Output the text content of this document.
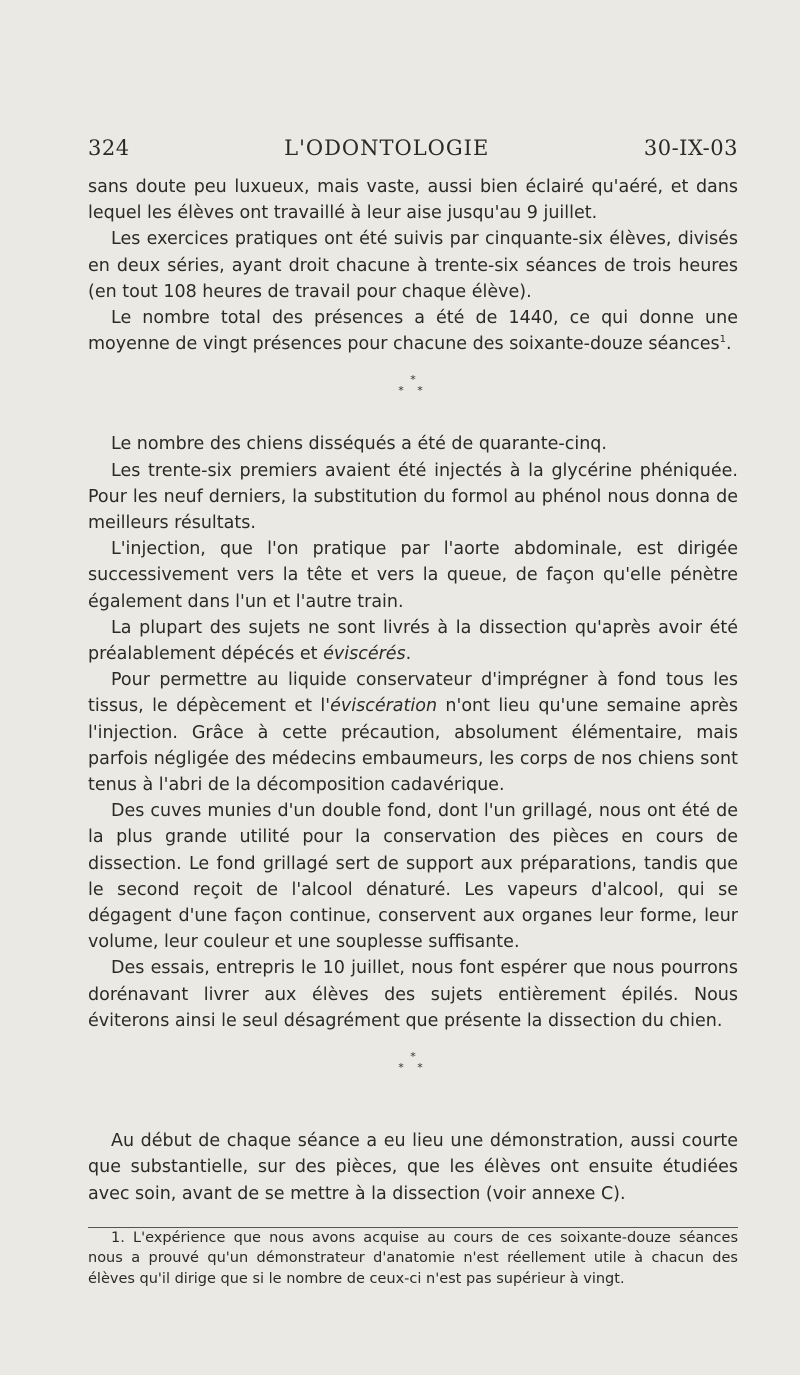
324	L'ODONTOLOGIE	30-IX-03

sans doute peu luxueux, mais vaste, aussi bien éclairé qu'aéré, et dans lequel les élèves ont travaillé à leur aise jusqu'au 9 juillet.

Les exercices pratiques ont été suivis par cinquante-six élèves, divisés en deux séries, ayant droit chacune à trente-six séances de trois heures (en tout 108 heures de travail pour chaque élève).

Le nombre total des présences a été de 1440, ce qui donne une moyenne de vingt présences pour chacune des soixante-douze séances$^1$.

*
* *

Le nombre des chiens disséqués a été de quarante-cinq.

Les trente-six premiers avaient été injectés à la glycérine phéniquée. Pour les neuf derniers, la substitution du formol au phénol nous donna de meilleurs résultats.

L'injection, que l'on pratique par l'aorte abdominale, est dirigée successivement vers la tête et vers la queue, de façon qu'elle pénètre également dans l'un et l'autre train.

La plupart des sujets ne sont livrés à la dissection qu'après avoir été préalablement dépécés et éviscérés.

Pour permettre au liquide conservateur d'imprégner à fond tous les tissus, le dépècement et l'éviscération n'ont lieu qu'une semaine après l'injection. Grâce à cette précaution, absolument élémentaire, mais parfois négligée des médecins embaumeurs, les corps de nos chiens sont tenus à l'abri de la décomposition cadavérique.

Des cuves munies d'un double fond, dont l'un grillagé, nous ont été de la plus grande utilité pour la conservation des pièces en cours de dissection. Le fond grillagé sert de support aux préparations, tandis que le second reçoit de l'alcool dénaturé. Les vapeurs d'alcool, qui se dégagent d'une façon continue, conservent aux organes leur forme, leur volume, leur couleur et une souplesse suffisante.

Des essais, entrepris le 10 juillet, nous font espérer que nous pourrons dorénavant livrer aux élèves des sujets entièrement épilés. Nous éviterons ainsi le seul désagrément que présente la dissection du chien.

*
* *

Au début de chaque séance a eu lieu une démonstration, aussi courte que substantielle, sur des pièces, que les élèves ont ensuite étudiées avec soin, avant de se mettre à la dissection (voir annexe C).

1. L'expérience que nous avons acquise au cours de ces soixante-douze séances nous a prouvé qu'un démonstrateur d'anatomie n'est réellement utile à chacun des élèves qu'il dirige que si le nombre de ceux-ci n'est pas supérieur à vingt.
